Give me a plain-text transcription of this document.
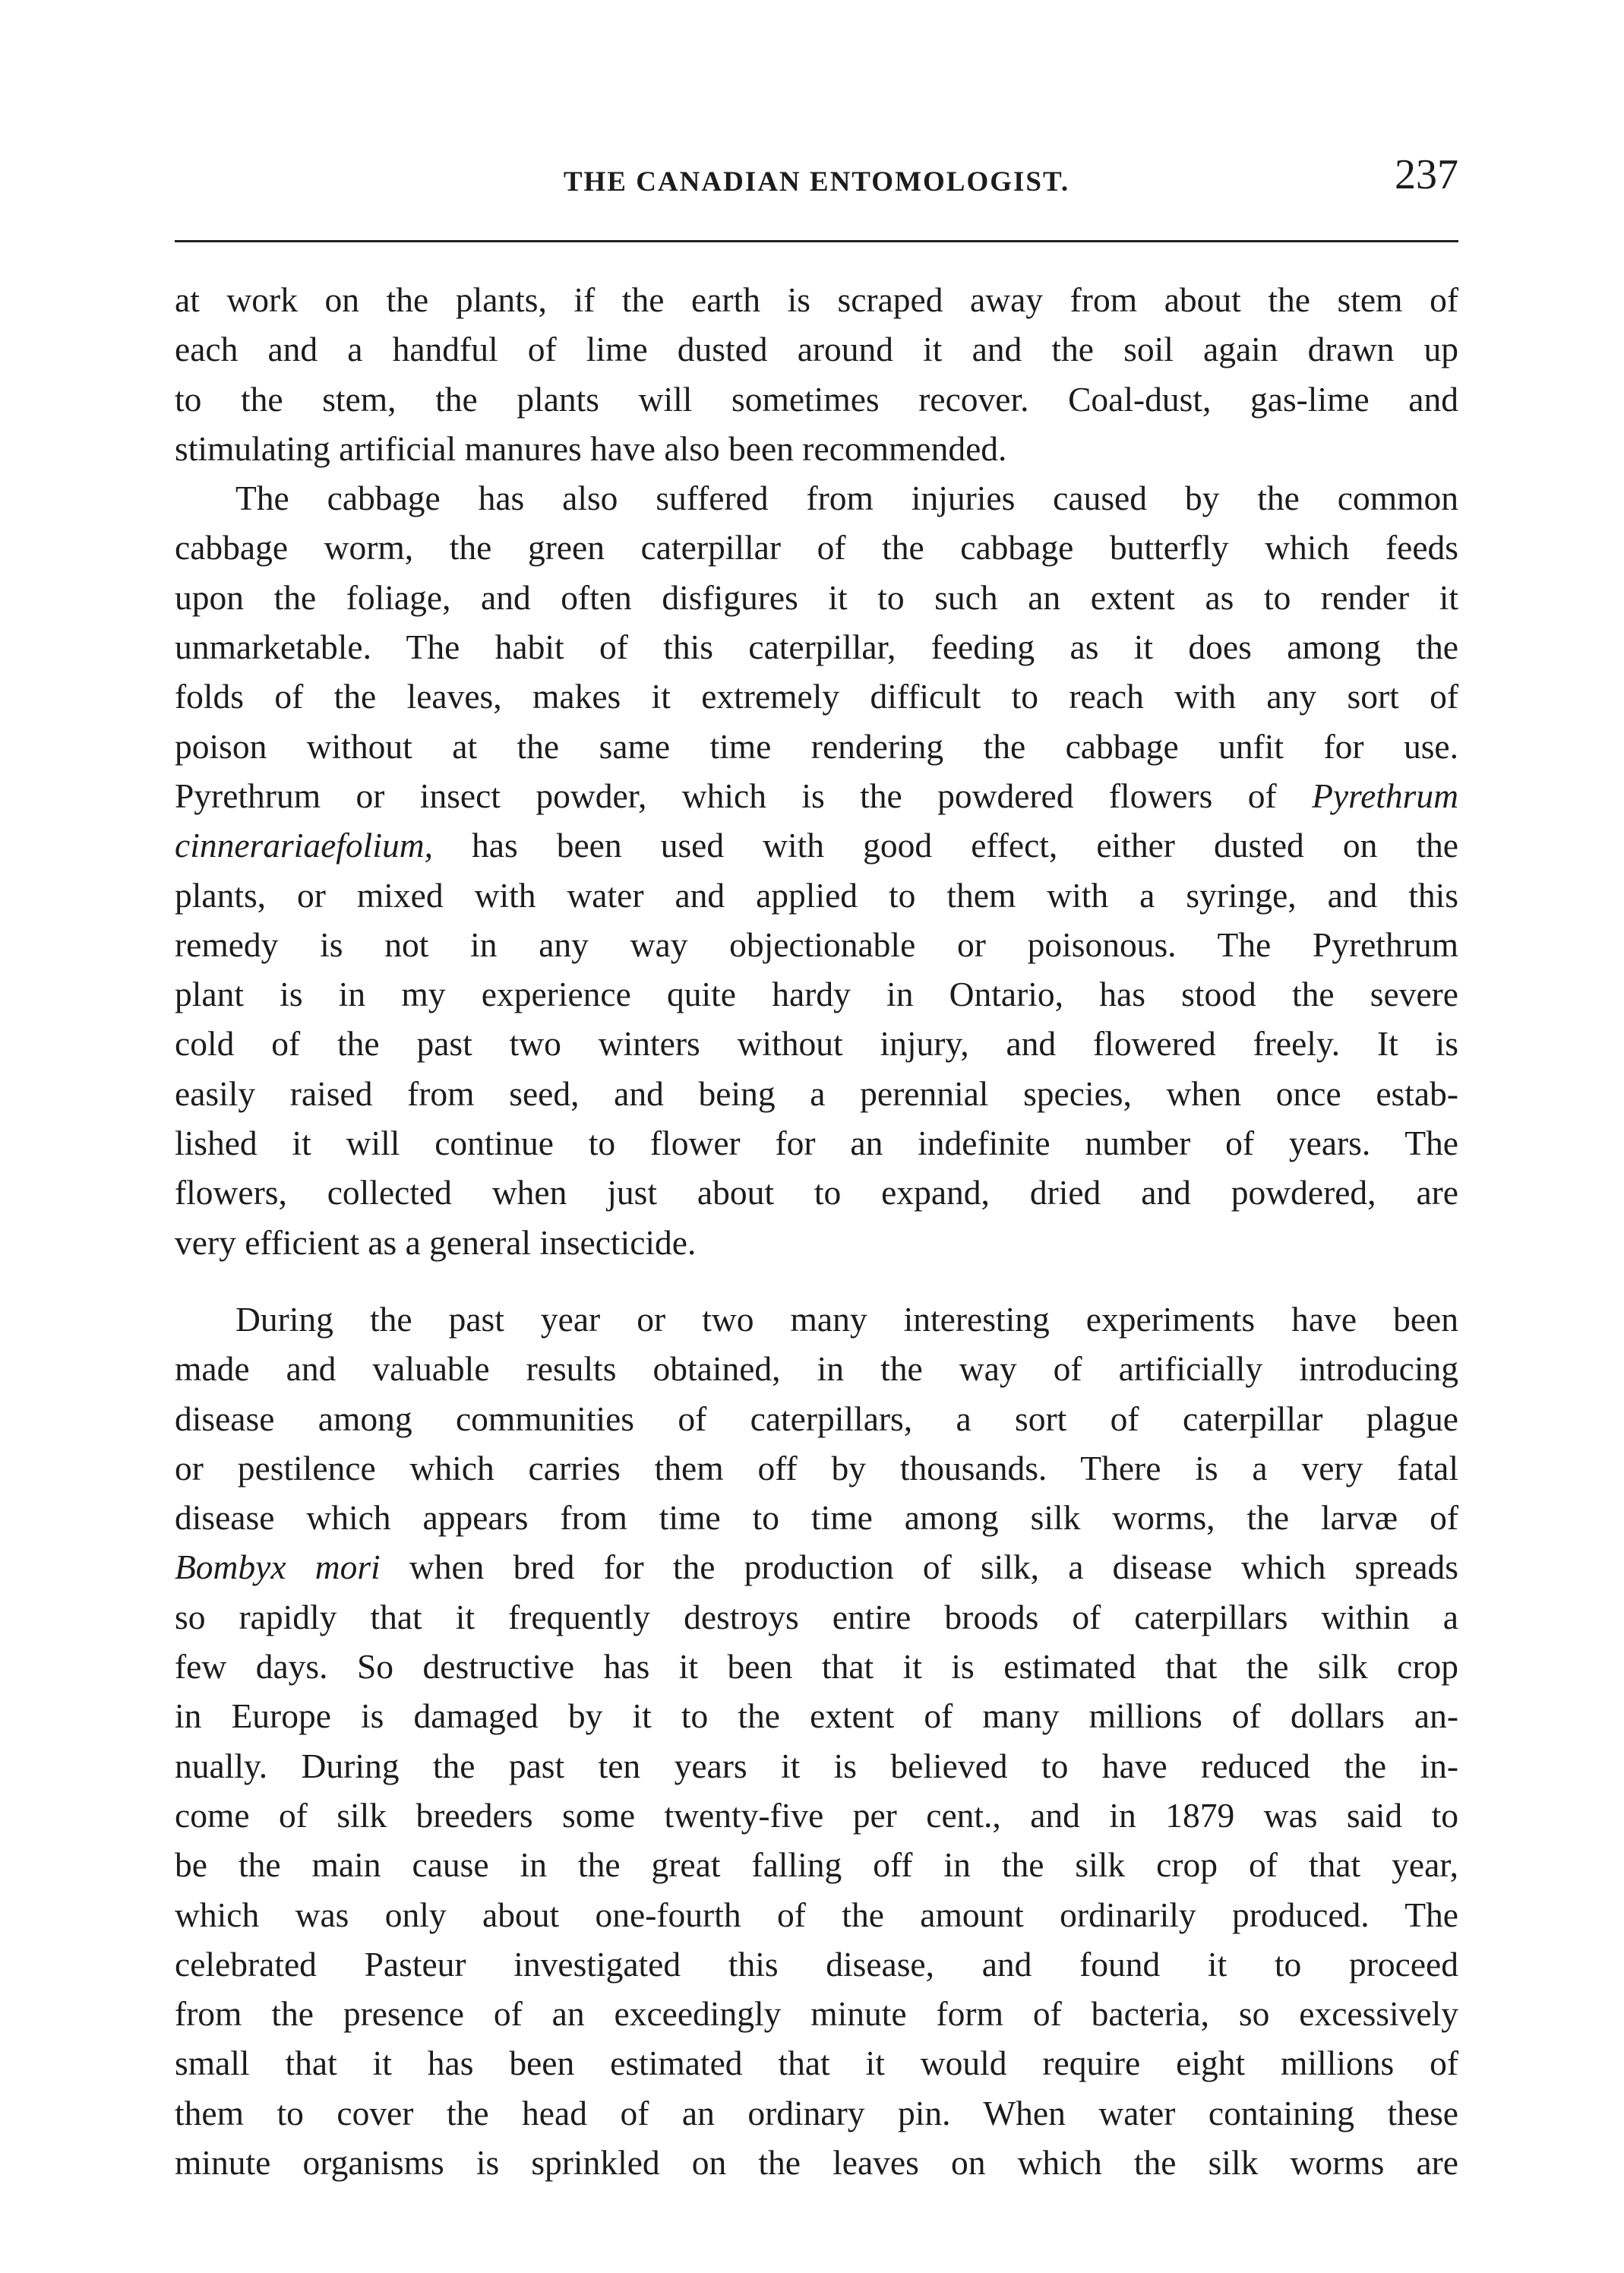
THE CANADIAN ENTOMOLOGIST.	237

at work on the plants, if the earth is scraped away from about the stem of
each and a handful of lime dusted around it and the soil again drawn up
to the stem, the plants will sometimes recover. Coal-dust, gas-lime and
stimulating artificial manures have also been recommended.

The cabbage has also suffered from injuries caused by the common
cabbage worm, the green caterpillar of the cabbage butterfly which feeds
upon the foliage, and often disfigures it to such an extent as to render it
unmarketable. The habit of this caterpillar, feeding as it does among the
folds of the leaves, makes it extremely difficult to reach with any sort of
poison without at the same time rendering the cabbage unfit for use.
Pyrethrum or insect powder, which is the powdered flowers of Pyrethrum
cinnerariaefolium, has been used with good effect, either dusted on the
plants, or mixed with water and applied to them with a syringe, and this
remedy is not in any way objectionable or poisonous. The Pyrethrum
plant is in my experience quite hardy in Ontario, has stood the severe
cold of the past two winters without injury, and flowered freely. It is
easily raised from seed, and being a perennial species, when once estab-
lished it will continue to flower for an indefinite number of years. The
flowers, collected when just about to expand, dried and powdered, are
very efficient as a general insecticide.

During the past year or two many interesting experiments have been
made and valuable results obtained, in the way of artificially introducing
disease among communities of caterpillars, a sort of caterpillar plague
or pestilence which carries them off by thousands. There is a very fatal
disease which appears from time to time among silk worms, the larvæ of
Bombyx mori when bred for the production of silk, a disease which spreads
so rapidly that it frequently destroys entire broods of caterpillars within a
few days. So destructive has it been that it is estimated that the silk crop
in Europe is damaged by it to the extent of many millions of dollars an-
nually. During the past ten years it is believed to have reduced the in-
come of silk breeders some twenty-five per cent., and in 1879 was said to
be the main cause in the great falling off in the silk crop of that year,
which was only about one-fourth of the amount ordinarily produced. The
celebrated Pasteur investigated this disease, and found it to proceed
from the presence of an exceedingly minute form of bacteria, so excessively
small that it has been estimated that it would require eight millions of
them to cover the head of an ordinary pin. When water containing these
minute organisms is sprinkled on the leaves on which the silk worms are
